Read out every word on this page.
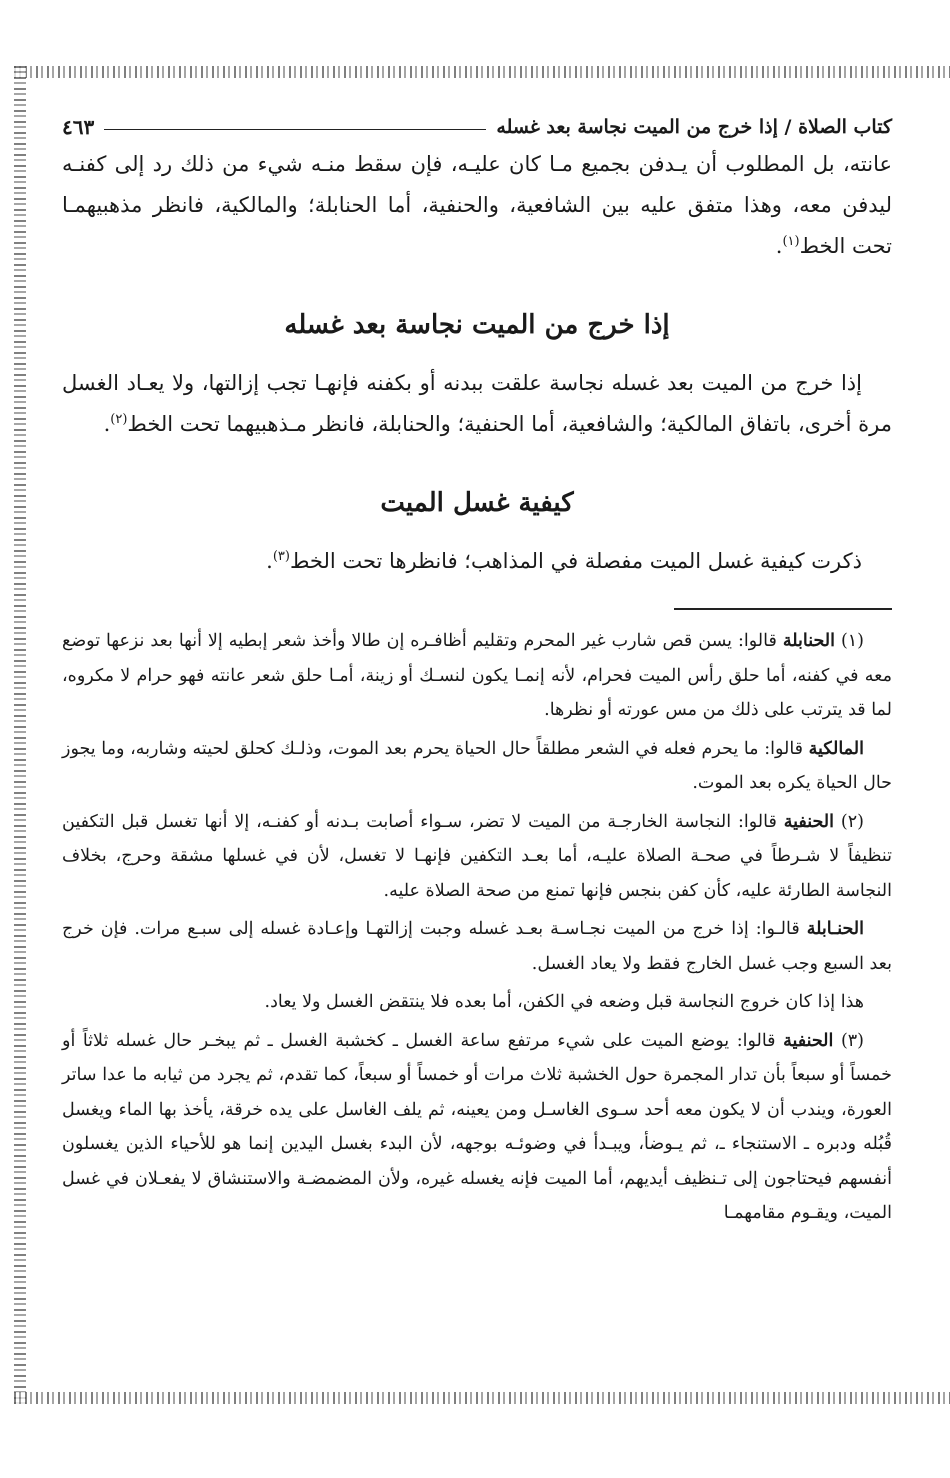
كتاب الصلاة / إذا خرج من الميت نجاسة بعد غسله
٤٦٣

عانته، بل المطلوب أن يـدفن بجميع مـا كان عليـه، فإن سقط منـه شيء من ذلك رد إلى كفنـه ليدفن معه، وهذا متفق عليه بين الشافعية، والحنفية، أما الحنابلة؛ والمالكية، فانظر مذهبيهمـا تحت الخط$^{(١)}$.

إذا خرج من الميت نجاسة بعد غسله

إذا خرج من الميت بعد غسله نجاسة علقت ببدنه أو بكفنه فإنهـا تجب إزالتها، ولا يعـاد الغسل مرة أخرى، باتفاق المالكية؛ والشافعية، أما الحنفية؛ والحنابلة، فانظر مـذهبيهما تحت الخط$^{(٢)}$.

كيفية غسل الميت

ذكرت كيفية غسل الميت مفصلة في المذاهب؛ فانظرها تحت الخط$^{(٣)}$.

(١) الحنابلة قالوا: يسن قص شارب غير المحرم وتقليم أظافـره إن طالا وأخذ شعر إبطيه إلا أنها بعد نزعها توضع معه في كفنه، أما حلق رأس الميت فحرام، لأنه إنمـا يكون لنسـك أو زينة، أمـا حلق شعر عانته فهو حرام لا مكروه، لما قد يترتب على ذلك من مس عورته أو نظرها.

المالكية قالوا: ما يحرم فعله في الشعر مطلقاً حال الحياة يحرم بعد الموت، وذلـك كحلق لحيته وشاربه، وما يجوز حال الحياة يكره بعد الموت.

(٢) الحنفية قالوا: النجاسة الخارجـة من الميت لا تضر، سـواء أصابت بـدنه أو كفنـه، إلا أنها تغسل قبل التكفين تنظيفاً لا شـرطاً في صحـة الصلاة عليـه، أما بعـد التكفين فإنهـا لا تغسل، لأن في غسلها مشقة وحرج، بخلاف النجاسة الطارئة عليه، كأن كفن بنجس فإنها تمنع من صحة الصلاة عليه.

الحنـابلة قالـوا: إذا خرج من الميت نجـاسـة بعـد غسله وجبت إزالتهـا وإعـادة غسله إلى سبـع مرات. فإن خرج بعد السبع وجب غسل الخارج فقط ولا يعاد الغسل.

هذا إذا كان خروج النجاسة قبل وضعه في الكفن، أما بعده فلا ينتقض الغسل ولا يعاد.

(٣) الحنفية قالوا: يوضع الميت على شيء مرتفع ساعة الغسل ـ كخشبة الغسل ـ ثم يبخـر حال غسله ثلاثاً أو خمساً أو سبعاً بأن تدار المجمرة حول الخشبة ثلاث مرات أو خمساً أو سبعاً، كما تقدم، ثم يجرد من ثيابه ما عدا ساتر العورة، ويندب أن لا يكون معه أحد سـوى الغاسـل ومن يعينه، ثم يلف الغاسل على يده خرقة، يأخذ بها الماء ويغسل قُبُله ودبره ـ الاستنجاء ـ، ثم يـوضأ، ويبـدأ في وضوئـه بوجهه، لأن البدء بغسل اليدين إنما هو للأحياء الذين يغسلون أنفسهم فيحتاجون إلى تـنظيف أيديهم، أما الميت فإنه يغسله غيره، ولأن المضمضـة والاستنشاق لا يفعـلان في غسل الميت، ويقـوم مقامهمـا
